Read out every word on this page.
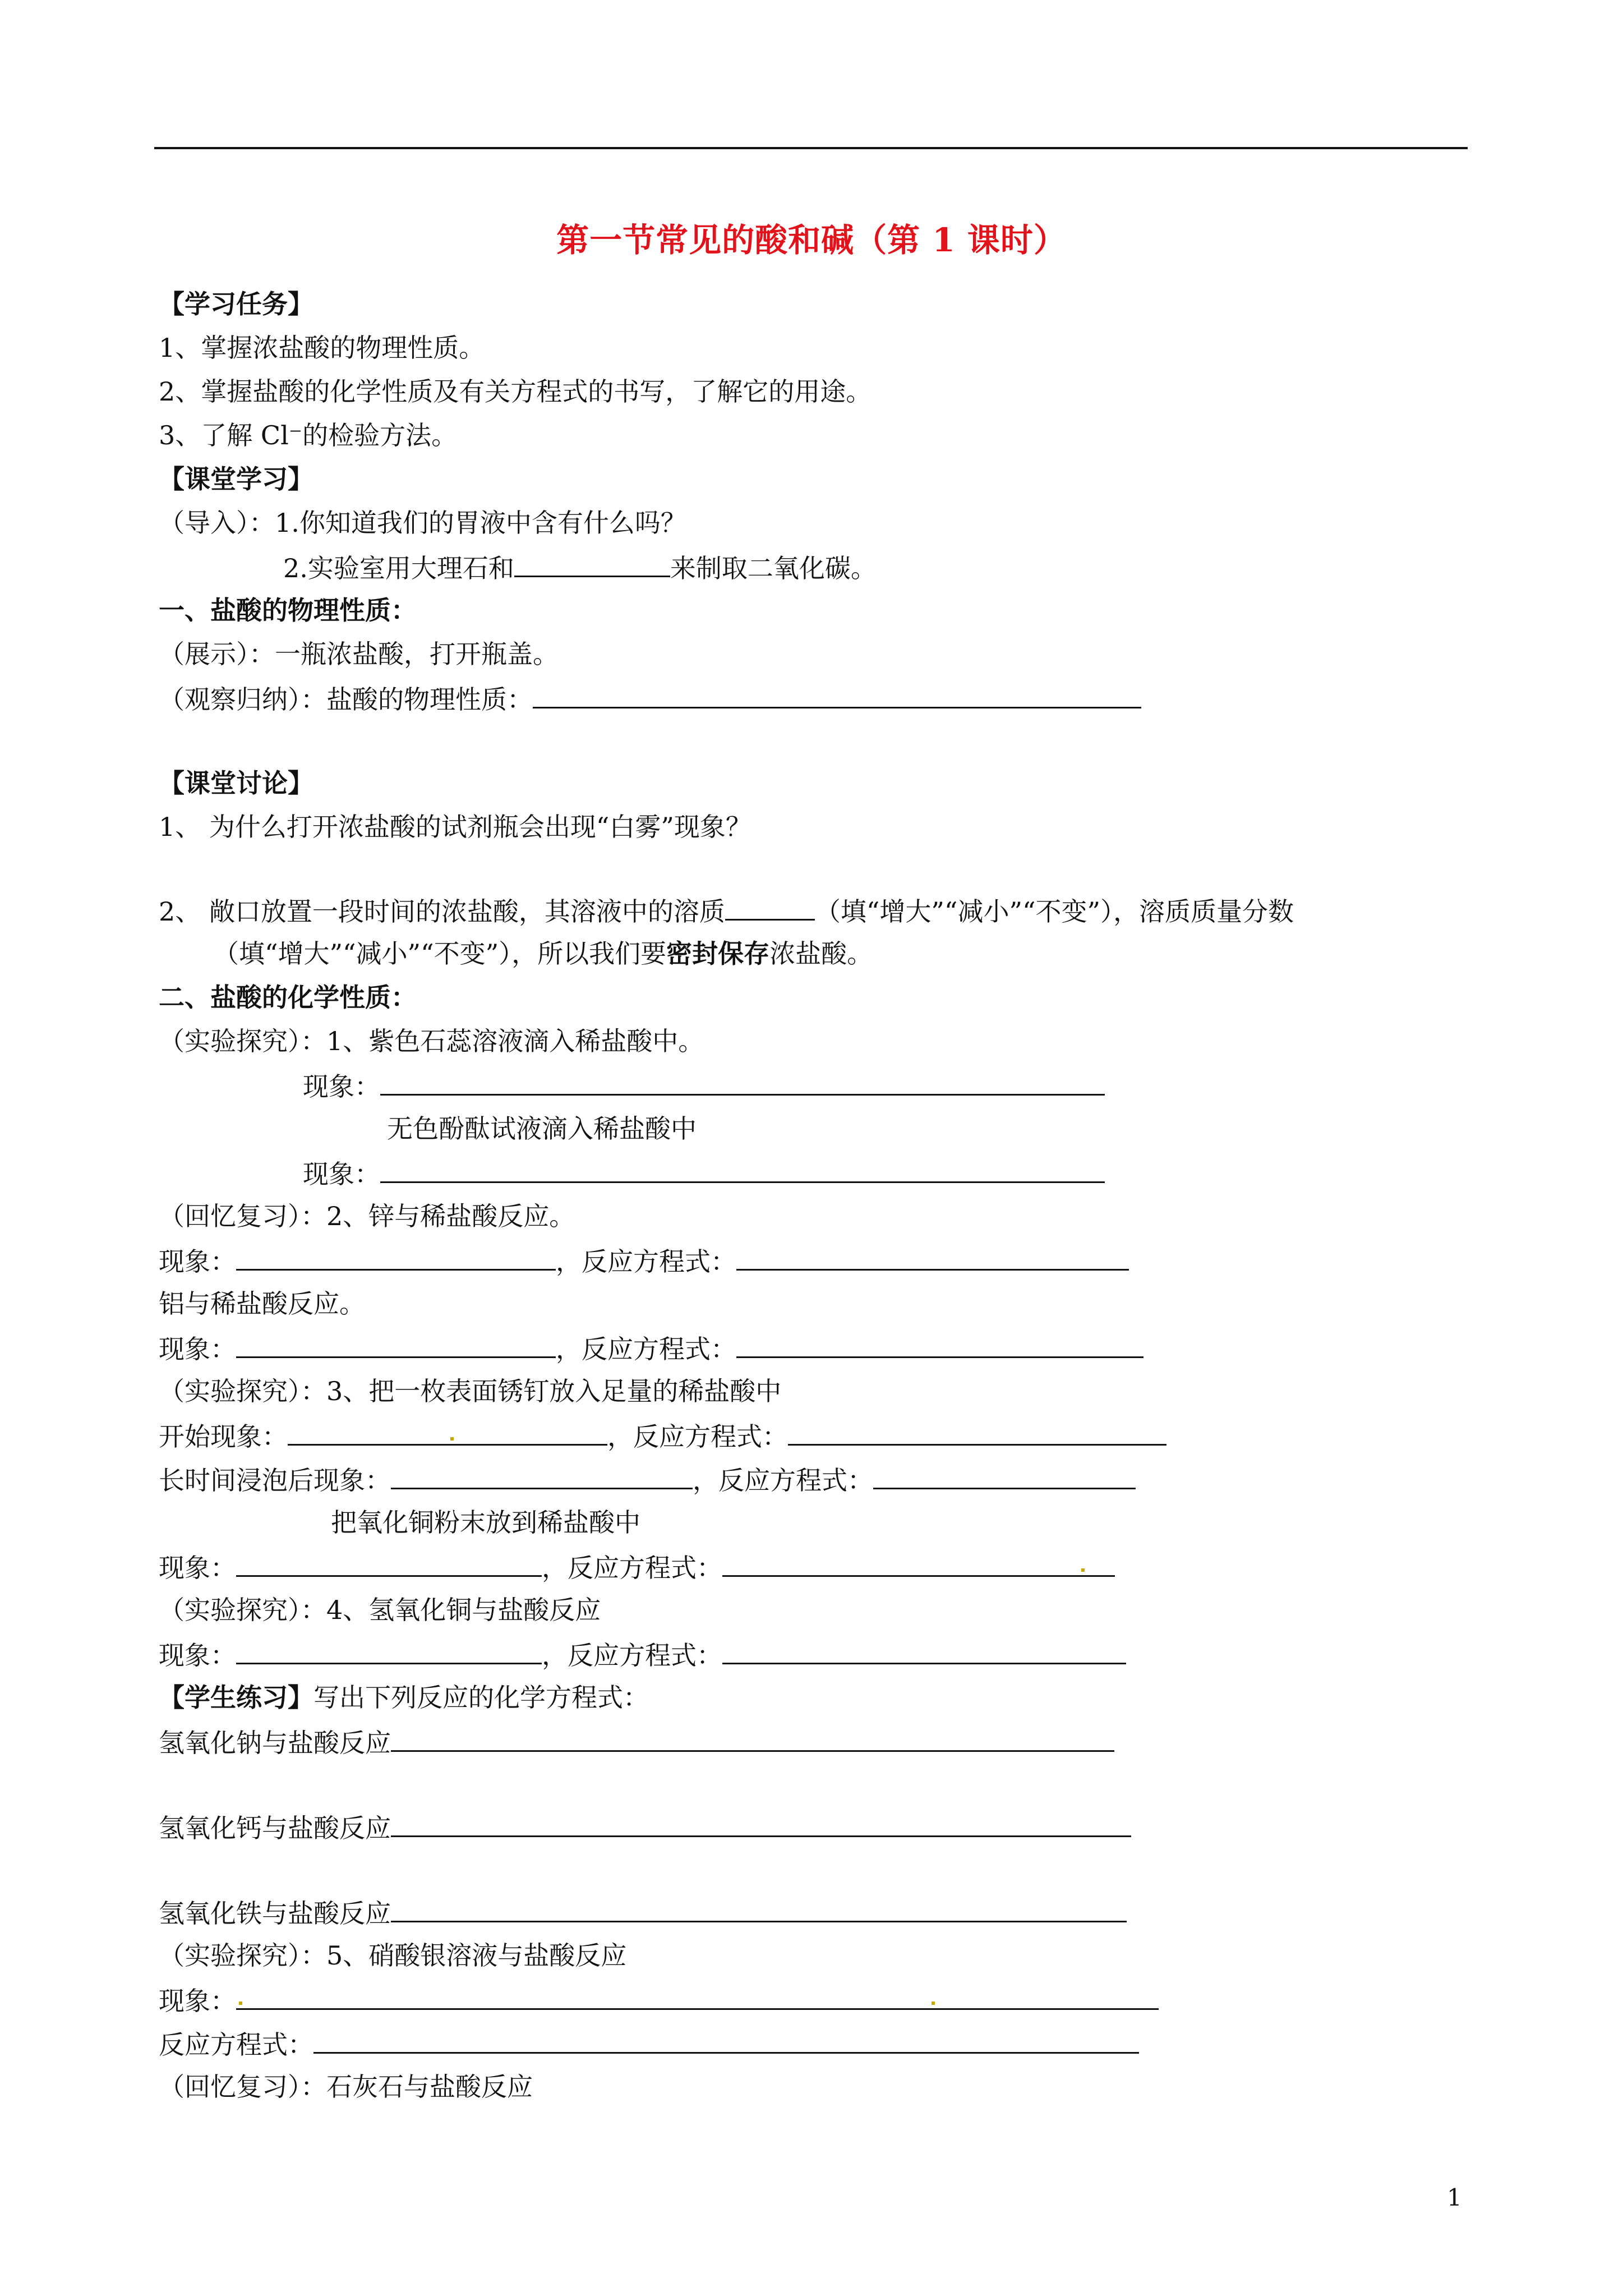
第一节常见的酸和碱（第 1 课时）
【学习任务】
1、掌握浓盐酸的物理性质。
2、掌握盐酸的化学性质及有关方程式的书写，了解它的用途。
3、了解 Cl⁻的检验方法。
【课堂学习】
（导入）：1.你知道我们的胃液中含有什么吗？
2.实验室用大理石和	来制取二氧化碳。
一、盐酸的物理性质：
（展示）：一瓶浓盐酸，打开瓶盖。
（观察归纳）：盐酸的物理性质：
【课堂讨论】
1、 为什么打开浓盐酸的试剂瓶会出现“白雾”现象？
2、 敞口放置一段时间的浓盐酸，其溶液中的溶质	（填“增大”“减小”“不变”），溶质质量分数
（填“增大”“减小”“不变”），所以我们要密封保存浓盐酸。
二、盐酸的化学性质：
（实验探究）：1、紫色石蕊溶液滴入稀盐酸中。
现象：
无色酚酞试液滴入稀盐酸中
现象：
（回忆复习）：2、锌与稀盐酸反应。
现象：	，反应方程式：
铝与稀盐酸反应。
现象：	，反应方程式：
（实验探究）：3、把一枚表面锈钉放入足量的稀盐酸中
开始现象：	，反应方程式：
长时间浸泡后现象：	，反应方程式：
把氧化铜粉末放到稀盐酸中
现象：	，反应方程式：
（实验探究）：4、氢氧化铜与盐酸反应
现象：	，反应方程式：
【学生练习】写出下列反应的化学方程式：
氢氧化钠与盐酸反应
氢氧化钙与盐酸反应
氢氧化铁与盐酸反应
（实验探究）：5、硝酸银溶液与盐酸反应
现象：
反应方程式：
（回忆复习）：石灰石与盐酸反应
1
